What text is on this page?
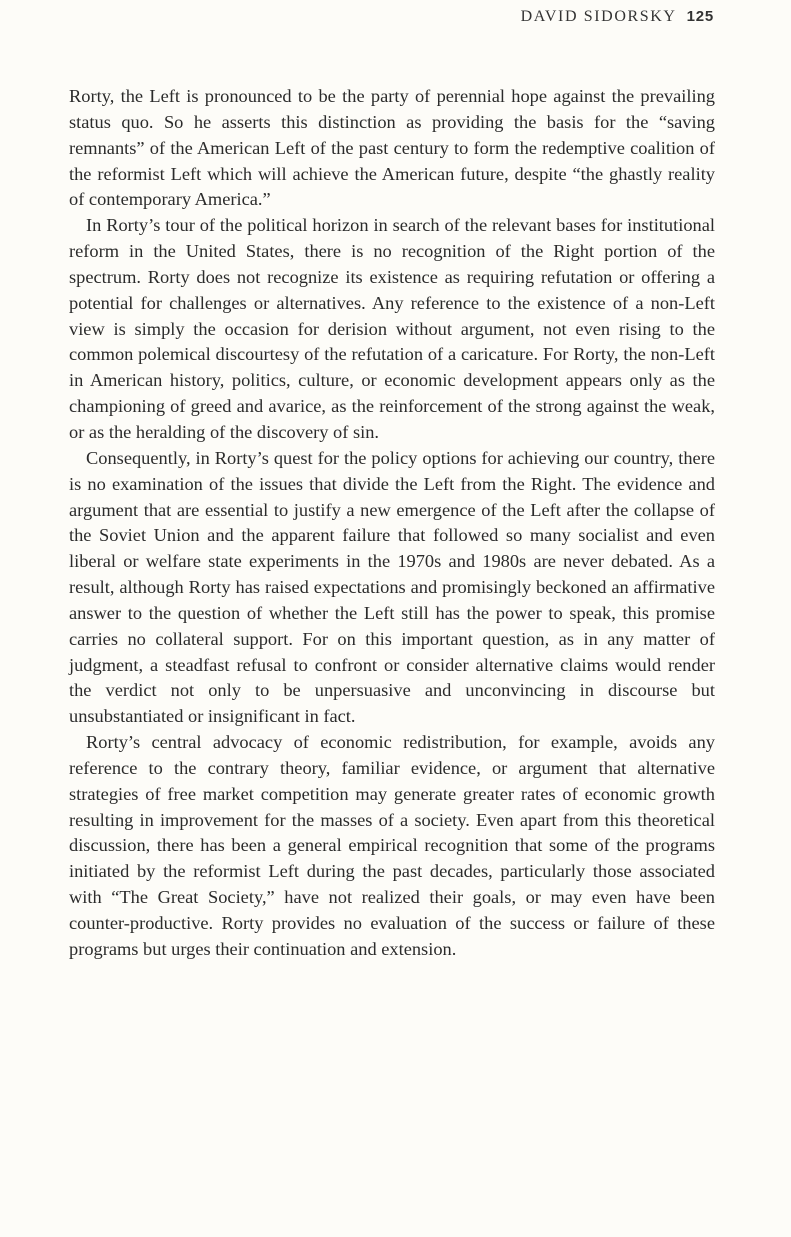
DAVID SIDORSKY 125

Rorty, the Left is pronounced to be the party of perennial hope against the prevailing status quo. So he asserts this distinction as providing the basis for the “saving remnants” of the American Left of the past century to form the redemptive coalition of the reformist Left which will achieve the American future, despite “the ghastly reality of contemporary America.”

In Rorty’s tour of the political horizon in search of the relevant bases for institutional reform in the United States, there is no recognition of the Right portion of the spectrum. Rorty does not recognize its existence as requiring refutation or offering a potential for challenges or alternatives. Any reference to the existence of a non-Left view is simply the occasion for derision without argument, not even rising to the common polemical discourtesy of the refutation of a caricature. For Rorty, the non-Left in American history, politics, culture, or economic development appears only as the championing of greed and avarice, as the reinforcement of the strong against the weak, or as the heralding of the discovery of sin.

Consequently, in Rorty’s quest for the policy options for achieving our country, there is no examination of the issues that divide the Left from the Right. The evidence and argument that are essential to justify a new emergence of the Left after the collapse of the Soviet Union and the apparent failure that followed so many socialist and even liberal or welfare state experiments in the 1970s and 1980s are never debated. As a result, although Rorty has raised expectations and promisingly beckoned an affirmative answer to the question of whether the Left still has the power to speak, this promise carries no collateral support. For on this important question, as in any matter of judgment, a steadfast refusal to confront or consider alternative claims would render the verdict not only to be unpersuasive and unconvincing in discourse but unsubstantiated or insignificant in fact.

Rorty’s central advocacy of economic redistribution, for example, avoids any reference to the contrary theory, familiar evidence, or argument that alternative strategies of free market competition may generate greater rates of economic growth resulting in improvement for the masses of a society. Even apart from this theoretical discussion, there has been a general empirical recognition that some of the programs initiated by the reformist Left during the past decades, particularly those associated with “The Great Society,” have not realized their goals, or may even have been counter-productive. Rorty provides no evaluation of the success or failure of these programs but urges their continuation and extension.
